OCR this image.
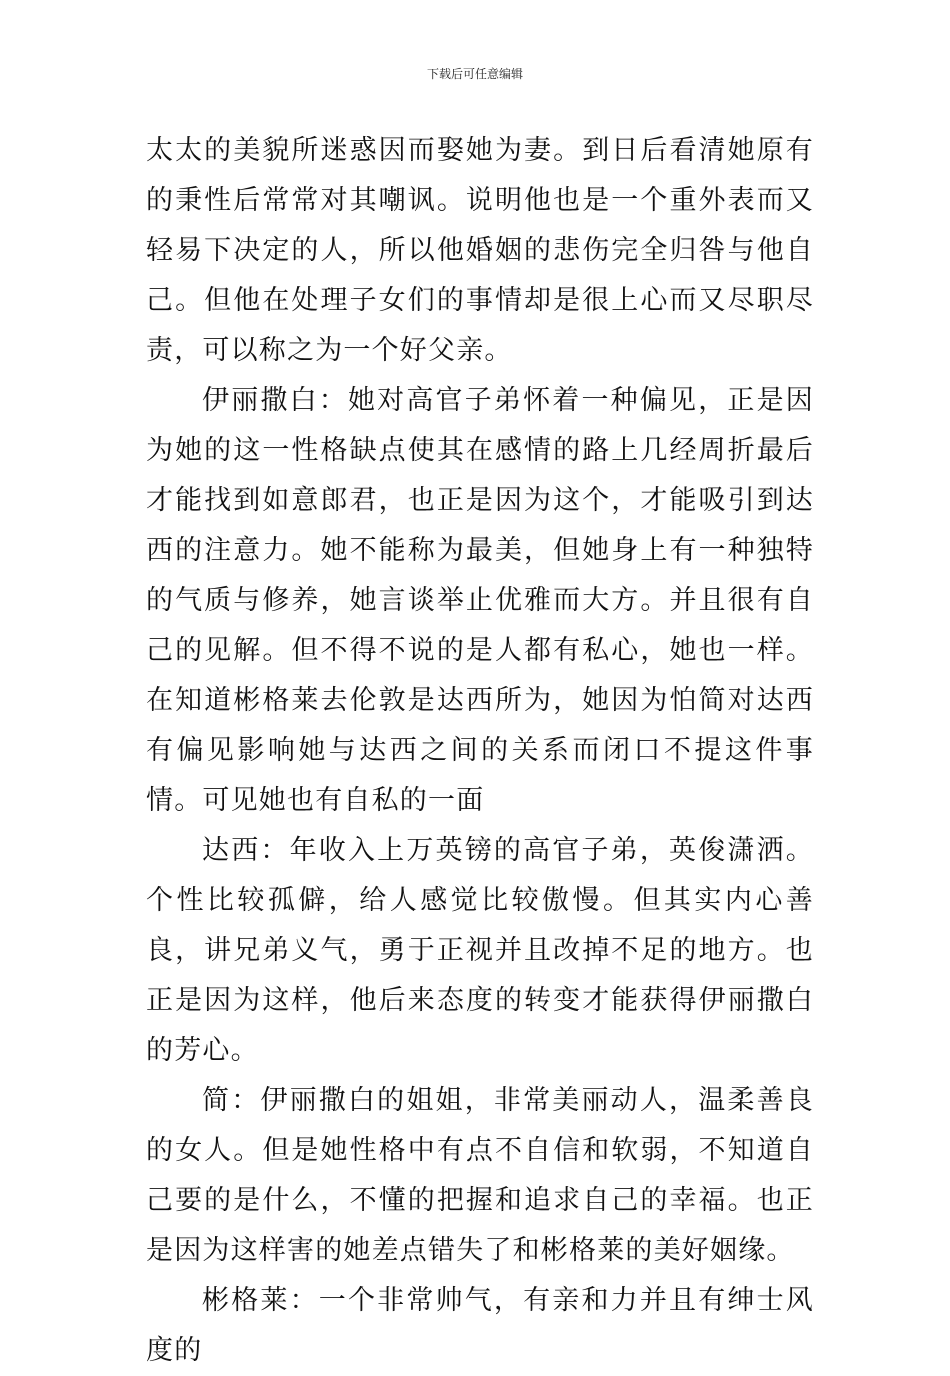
下载后可任意编辑

太太的美貌所迷惑因而娶她为妻。到日后看清她原有的秉性后常常对其嘲讽。说明他也是一个重外表而又轻易下决定的人，所以他婚姻的悲伤完全归咎与他自己。但他在处理子女们的事情却是很上心而又尽职尽责，可以称之为一个好父亲。

伊丽撒白：她对高官子弟怀着一种偏见，正是因为她的这一性格缺点使其在感情的路上几经周折最后才能找到如意郎君，也正是因为这个，才能吸引到达西的注意力。她不能称为最美，但她身上有一种独特的气质与修养，她言谈举止优雅而大方。并且很有自己的见解。但不得不说的是人都有私心，她也一样。在知道彬格莱去伦敦是达西所为，她因为怕简对达西有偏见影响她与达西之间的关系而闭口不提这件事情。可见她也有自私的一面

达西：年收入上万英镑的高官子弟，英俊潇洒。个性比较孤僻，给人感觉比较傲慢。但其实内心善良，讲兄弟义气，勇于正视并且改掉不足的地方。也正是因为这样，他后来态度的转变才能获得伊丽撒白的芳心。

简：伊丽撒白的姐姐，非常美丽动人，温柔善良的女人。但是她性格中有点不自信和软弱，不知道自己要的是什么，不懂的把握和追求自己的幸福。也正是因为这样害的她差点错失了和彬格莱的美好姻缘。

彬格莱：一个非常帅气，有亲和力并且有绅士风度的
